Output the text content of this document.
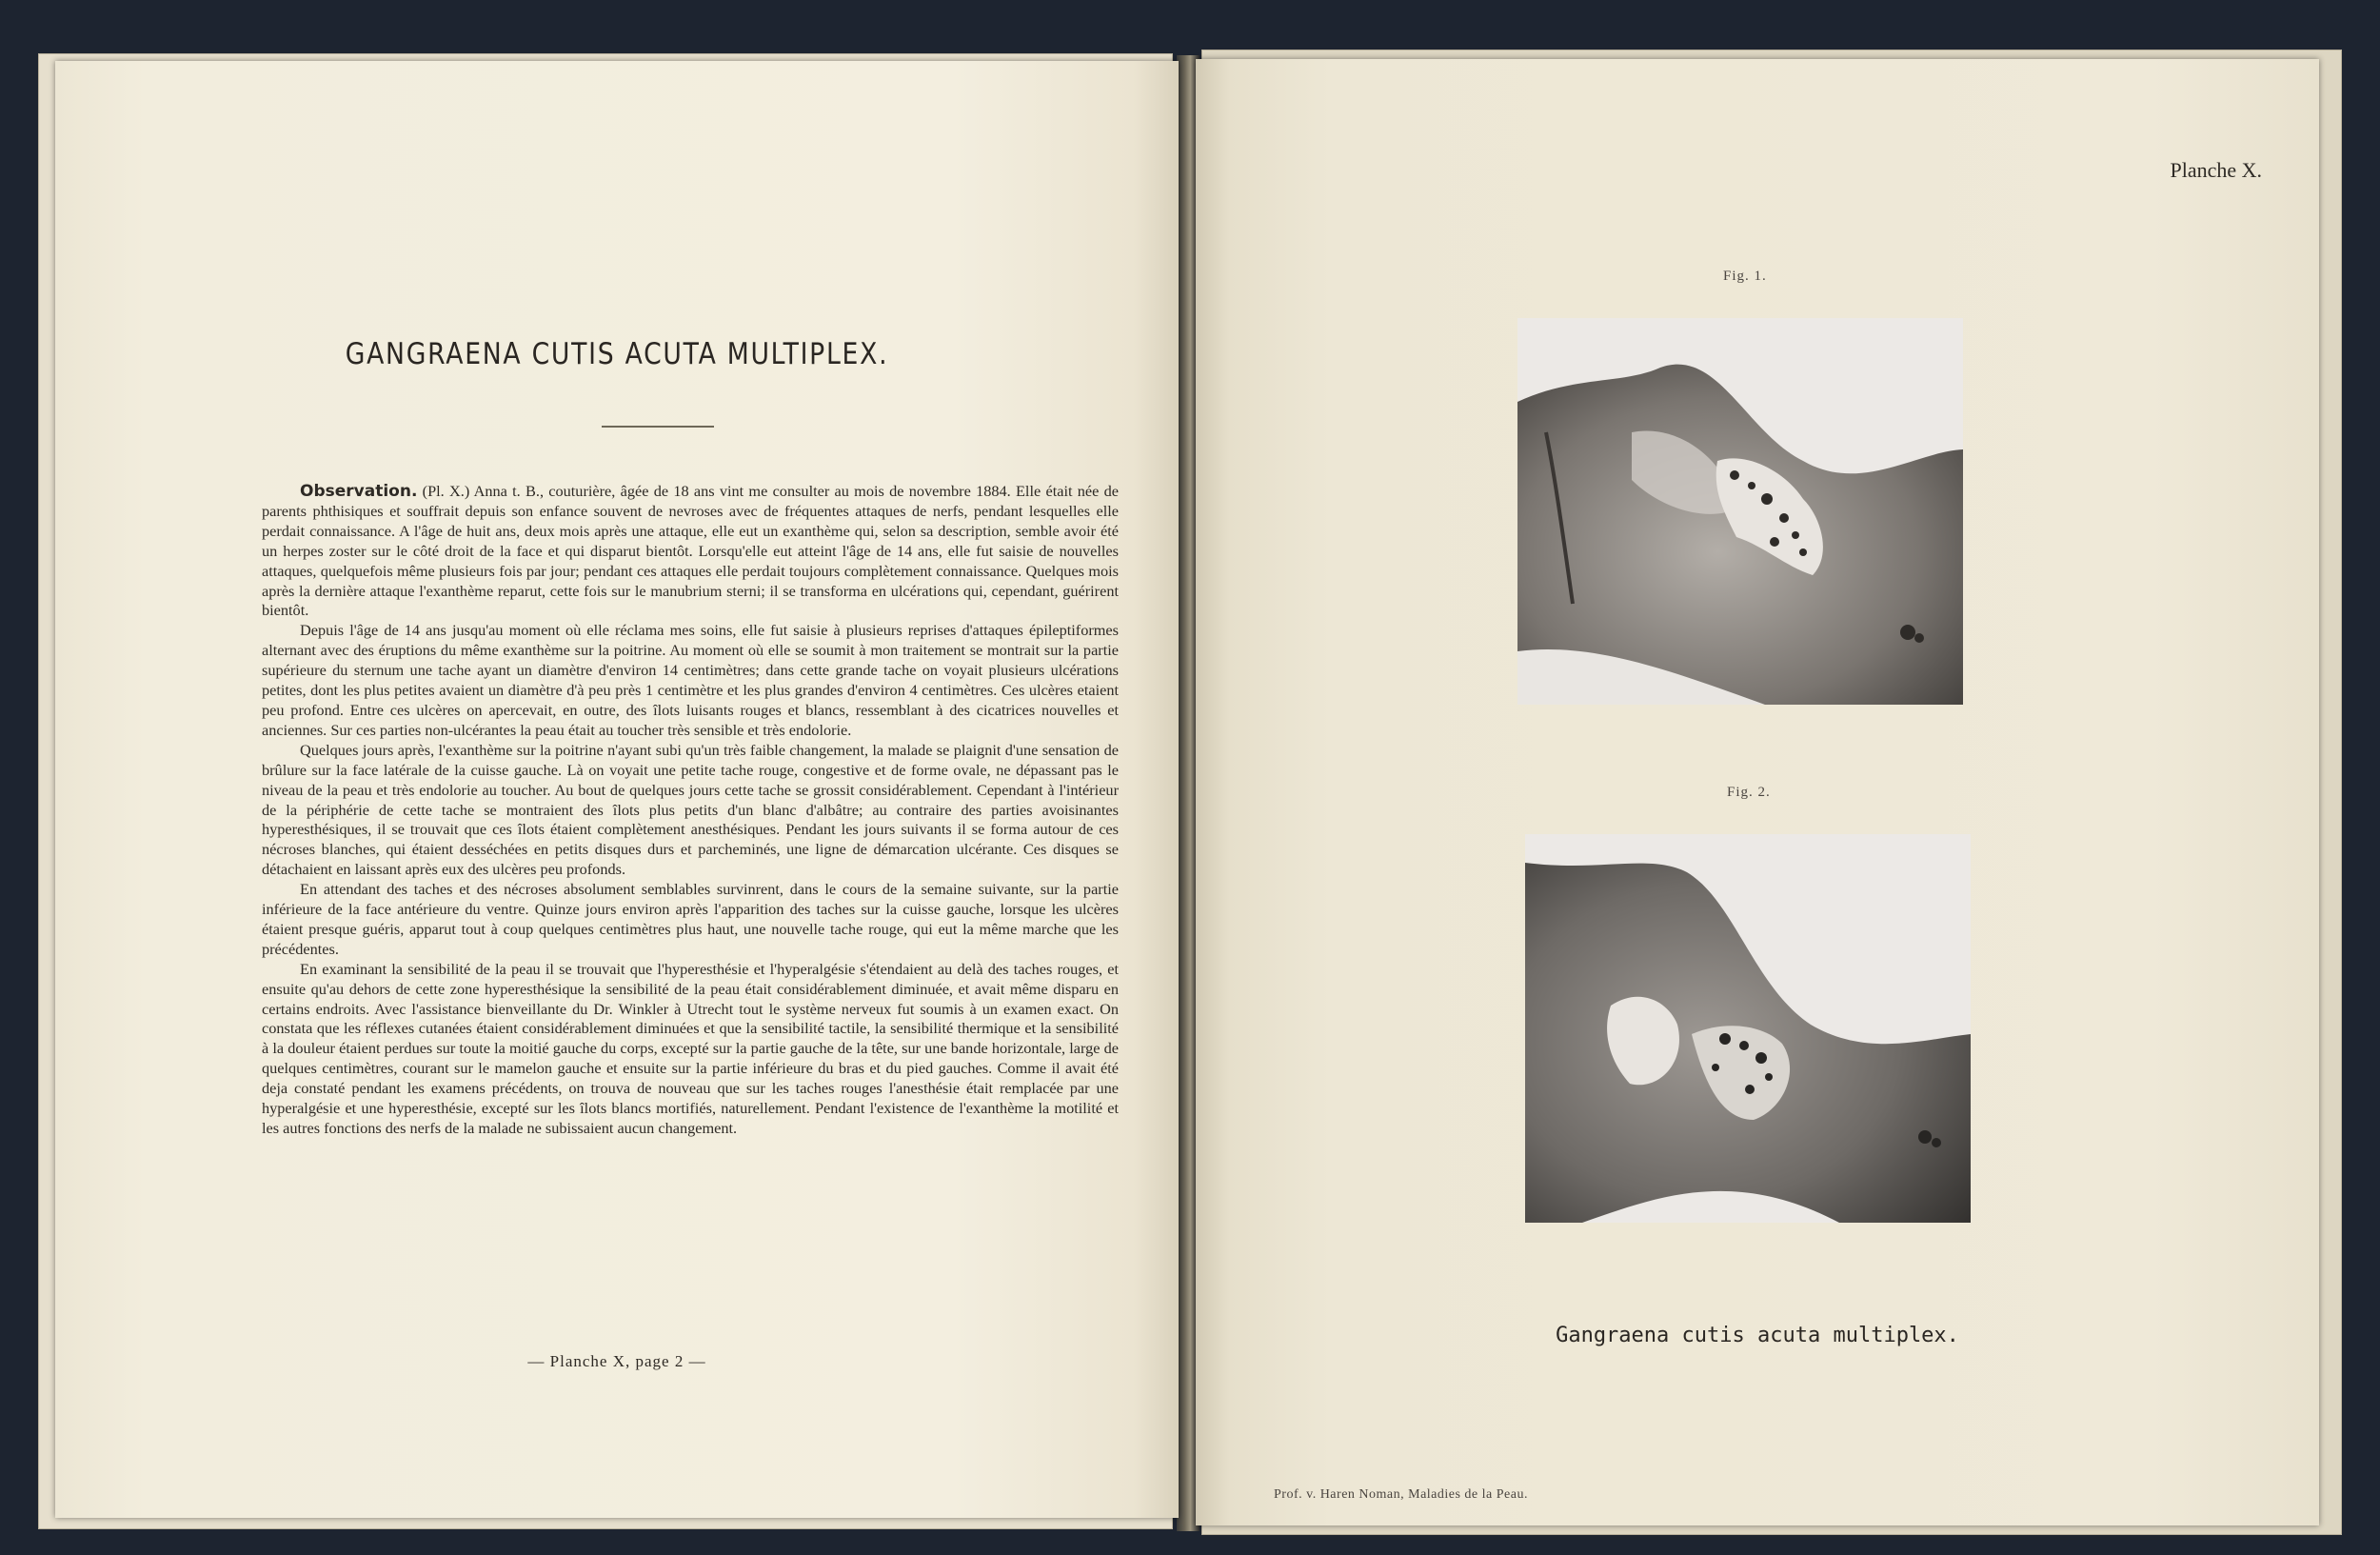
GANGRAENA CUTIS ACUTA MULTIPLEX.

Observation. (Pl. X.) Anna t. B., couturière, âgée de 18 ans vint me consulter au mois de novembre 1884. Elle était née de parents phthisiques et souffrait depuis son enfance souvent de nevroses avec de fréquentes attaques de nerfs, pendant lesquelles elle perdait connaissance. A l'âge de huit ans, deux mois après une attaque, elle eut un exanthème qui, selon sa description, semble avoir été un herpes zoster sur le côté droit de la face et qui disparut bientôt. Lorsqu'elle eut atteint l'âge de 14 ans, elle fut saisie de nouvelles attaques, quelquefois même plusieurs fois par jour; pendant ces attaques elle perdait toujours complètement connaissance. Quelques mois après la dernière attaque l'exanthème reparut, cette fois sur le manubrium sterni; il se transforma en ulcérations qui, cependant, guérirent bientôt.

Depuis l'âge de 14 ans jusqu'au moment où elle réclama mes soins, elle fut saisie à plusieurs reprises d'attaques épileptiformes alternant avec des éruptions du même exanthème sur la poitrine. Au moment où elle se soumit à mon traitement se montrait sur la partie supérieure du sternum une tache ayant un diamètre d'environ 14 centimètres; dans cette grande tache on voyait plusieurs ulcérations petites, dont les plus petites avaient un diamètre d'à peu près 1 centimètre et les plus grandes d'environ 4 centimètres. Ces ulcères etaient peu profond. Entre ces ulcères on apercevait, en outre, des îlots luisants rouges et blancs, ressemblant à des cicatrices nouvelles et anciennes. Sur ces parties non-ulcérantes la peau était au toucher très sensible et très endolorie.

Quelques jours après, l'exanthème sur la poitrine n'ayant subi qu'un très faible changement, la malade se plaignit d'une sensation de brûlure sur la face latérale de la cuisse gauche. Là on voyait une petite tache rouge, congestive et de forme ovale, ne dépassant pas le niveau de la peau et très endolorie au toucher. Au bout de quelques jours cette tache se grossit considérablement. Cependant à l'intérieur de la périphérie de cette tache se montraient des îlots plus petits d'un blanc d'albâtre; au contraire des parties avoisinantes hyperesthésiques, il se trouvait que ces îlots étaient complètement anesthésiques. Pendant les jours suivants il se forma autour de ces nécroses blanches, qui étaient desséchées en petits disques durs et parcheminés, une ligne de démarcation ulcérante. Ces disques se détachaient en laissant après eux des ulcères peu profonds.

En attendant des taches et des nécroses absolument semblables survinrent, dans le cours de la semaine suivante, sur la partie inférieure de la face antérieure du ventre. Quinze jours environ après l'apparition des taches sur la cuisse gauche, lorsque les ulcères étaient presque guéris, apparut tout à coup quelques centimètres plus haut, une nouvelle tache rouge, qui eut la même marche que les précédentes.

En examinant la sensibilité de la peau il se trouvait que l'hyperesthésie et l'hyperalgésie s'étendaient au delà des taches rouges, et ensuite qu'au dehors de cette zone hyperesthésique la sensibilité de la peau était considérablement diminuée, et avait même disparu en certains endroits. Avec l'assistance bienveillante du Dr. Winkler à Utrecht tout le système nerveux fut soumis à un examen exact. On constata que les réflexes cutanées étaient considérablement diminuées et que la sensibilité tactile, la sensibilité thermique et la sensibilité à la douleur étaient perdues sur toute la moitié gauche du corps, excepté sur la partie gauche de la tête, sur une bande horizontale, large de quelques centimètres, courant sur le mamelon gauche et ensuite sur la partie inférieure du bras et du pied gauches. Comme il avait été deja constaté pendant les examens précédents, on trouva de nouveau que sur les taches rouges l'anesthésie était remplacée par une hyperalgésie et une hyperesthésie, excepté sur les îlots blancs mortifiés, naturellement. Pendant l'existence de l'exanthème la motilité et les autres fonctions des nerfs de la malade ne subissaient aucun changement.

— Planche X, page 2 —
Planche X.
Fig. 1.
Fig. 2.
Gangraena cutis acuta multiplex.
Prof. v. Haren Noman, Maladies de la Peau.
